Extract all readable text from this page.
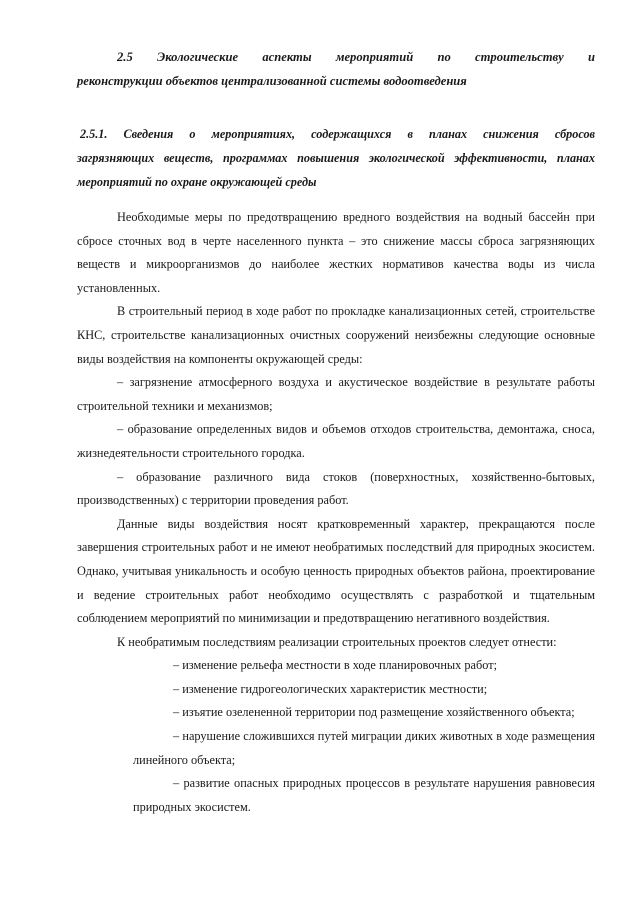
2.5 Экологические аспекты мероприятий по строительству и
реконструкции объектов централизованной системы водоотведения
2.5.1. Сведения о мероприятиях, содержащихся в планах снижения сбросов
загрязняющих веществ, программах повышения экологической эффективности, планах мероприятий по охране окружающей среды

Необходимые меры по предотвращению вредного воздействия на водный бассейн при сбросе сточных вод в черте населенного пункта – это снижение массы сброса загрязняющих веществ и микроорганизмов до наиболее жестких нормативов качества воды из числа установленных.

В строительный период в ходе работ по прокладке канализационных сетей, строительстве КНС, строительстве канализационных очистных сооружений неизбежны следующие основные виды воздействия на компоненты окружающей среды:

– загрязнение атмосферного воздуха и акустическое воздействие в результате работы строительной техники и механизмов;

– образование определенных видов и объемов отходов строительства, демонтажа, сноса, жизнедеятельности строительного городка.

– образование различного вида стоков (поверхностных, хозяйственно-бытовых, производственных) с территории проведения работ.

Данные виды воздействия носят кратковременный характер, прекращаются после завершения строительных работ и не имеют необратимых последствий для природных экосистем. Однако, учитывая уникальность и особую ценность природных объектов района, проектирование и ведение строительных работ необходимо осуществлять с разработкой и тщательным соблюдением мероприятий по минимизации и предотвращению негативного воздействия.

К необратимым последствиям реализации строительных проектов следует отнести:

– изменение рельефа местности в ходе планировочных работ;

– изменение гидрогеологических характеристик местности;

– изъятие озелененной территории под размещение хозяйственного объекта;

– нарушение сложившихся путей миграции диких животных в ходе размещения линейного объекта;

– развитие опасных природных процессов в результате нарушения равновесия природных экосистем.
